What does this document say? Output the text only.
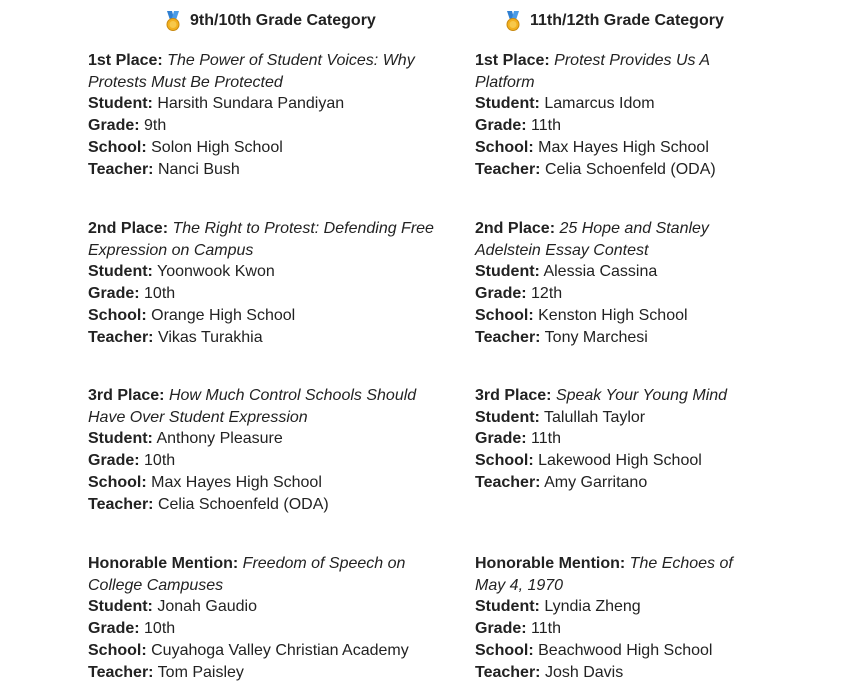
9th/10th Grade Category
1st Place: The Power of Student Voices: Why
Protests Must Be Protected
Student: Harsith Sundara Pandiyan
Grade: 9th
School: Solon High School
Teacher: Nanci Bush
2nd Place: The Right to Protest: Defending Free
Expression on Campus
Student: Yoonwook Kwon
Grade: 10th
School: Orange High School
Teacher: Vikas Turakhia
3rd Place: How Much Control Schools Should
Have Over Student Expression
Student: Anthony Pleasure
Grade: 10th
School: Max Hayes High School
Teacher: Celia Schoenfeld (ODA)
Honorable Mention: Freedom of Speech on
College Campuses
Student: Jonah Gaudio
Grade: 10th
School: Cuyahoga Valley Christian Academy
Teacher: Tom Paisley
11th/12th Grade Category
1st Place: Protest Provides Us A
Platform
Student: Lamarcus Idom
Grade: 11th
School: Max Hayes High School
Teacher: Celia Schoenfeld (ODA)
2nd Place: 25 Hope and Stanley
Adelstein Essay Contest
Student: Alessia Cassina
Grade: 12th
School: Kenston High School
Teacher: Tony Marchesi
3rd Place: Speak Your Young Mind
Student: Talullah Taylor
Grade: 11th
School: Lakewood High School
Teacher: Amy Garritano
Honorable Mention: The Echoes of
May 4, 1970
Student: Lyndia Zheng
Grade: 11th
School: Beachwood High School
Teacher: Josh Davis
